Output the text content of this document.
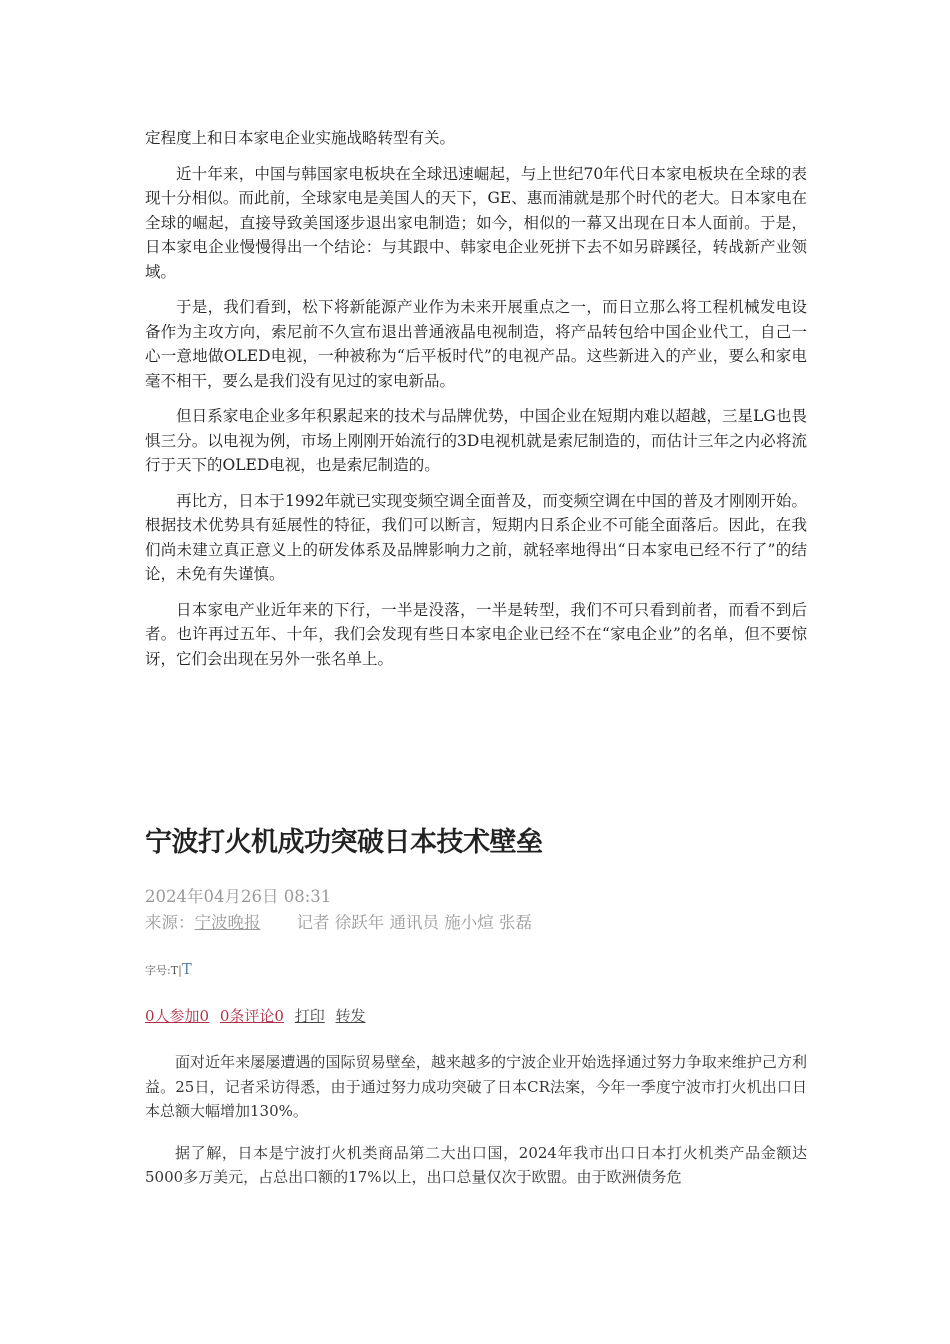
定程度上和日本家电企业实施战略转型有关。

近十年来，中国与韩国家电板块在全球迅速崛起，与上世纪70年代日本家电板块在全球的表现十分相似。而此前，全球家电是美国人的天下，GE、惠而浦就是那个时代的老大。日本家电在全球的崛起，直接导致美国逐步退出家电制造；如今，相似的一幕又出现在日本人面前。于是，日本家电企业慢慢得出一个结论：与其跟中、韩家电企业死拼下去不如另辟蹊径，转战新产业领域。

于是，我们看到，松下将新能源产业作为未来开展重点之一，而日立那么将工程机械发电设备作为主攻方向，索尼前不久宣布退出普通液晶电视制造，将产品转包给中国企业代工，自己一心一意地做OLED电视，一种被称为“后平板时代”的电视产品。这些新进入的产业，要么和家电毫不相干，要么是我们没有见过的家电新品。

但日系家电企业多年积累起来的技术与品牌优势，中国企业在短期内难以超越，三星LG也畏惧三分。以电视为例，市场上刚刚开始流行的3D电视机就是索尼制造的，而估计三年之内必将流行于天下的OLED电视，也是索尼制造的。

再比方，日本于1992年就已实现变频空调全面普及，而变频空调在中国的普及才刚刚开始。根据技术优势具有延展性的特征，我们可以断言，短期内日系企业不可能全面落后。因此，在我们尚未建立真正意义上的研发体系及品牌影响力之前，就轻率地得出“日本家电已经不行了”的结论，未免有失谨慎。

日本家电产业近年来的下行，一半是没落，一半是转型，我们不可只看到前者，而看不到后者。也许再过五年、十年，我们会发现有些日本家电企业已经不在“家电企业”的名单，但不要惊讶，它们会出现在另外一张名单上。

宁波打火机成功突破日本技术壁垒
2024年04月26日 08:31
来源：宁波晚报 记者 徐跃年 通讯员 施小煊 张磊
字号:T|T
0人参加0 0条评论0 打印 转发

面对近年来屡屡遭遇的国际贸易壁垒，越来越多的宁波企业开始选择通过努力争取来维护己方利益。25日，记者采访得悉，由于通过努力成功突破了日本CR法案，今年一季度宁波市打火机出口日本总额大幅增加130%。

据了解，日本是宁波打火机类商品第二大出口国，2024年我市出口日本打火机类产品金额达5000多万美元，占总出口额的17%以上，出口总量仅次于欧盟。由于欧洲债务危
